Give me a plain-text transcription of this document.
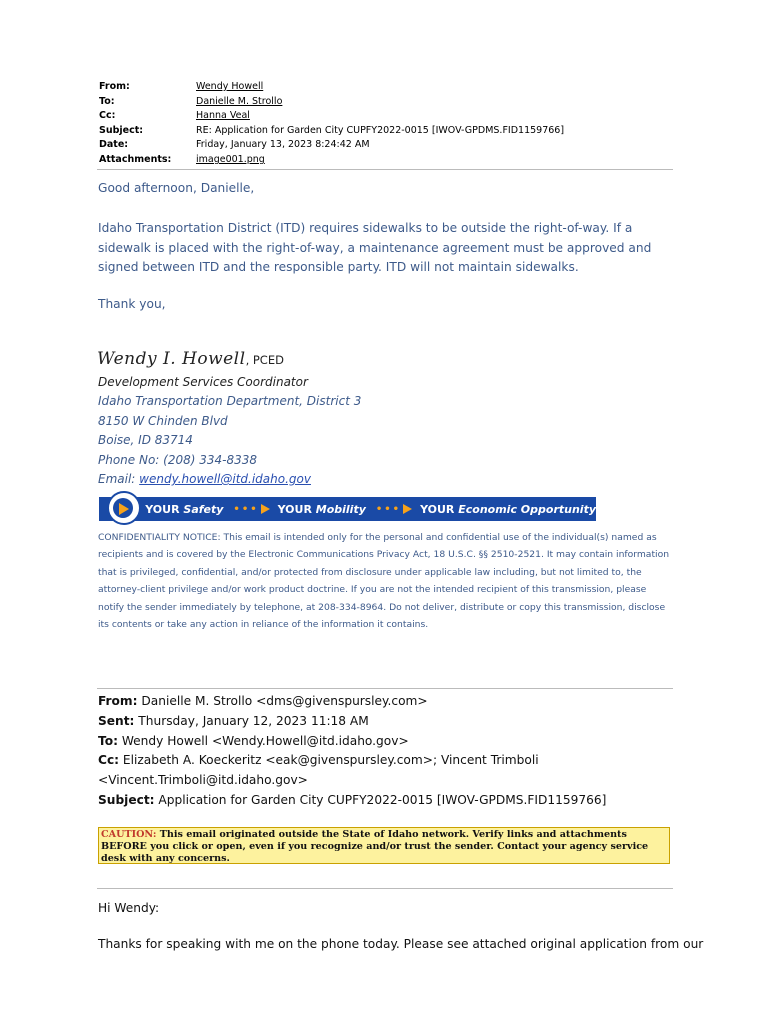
From:	Wendy Howell
To:	Danielle M. Strollo
Cc:	Hanna Veal
Subject:	RE: Application for Garden City CUPFY2022-0015 [IWOV-GPDMS.FID1159766]
Date:	Friday, January 13, 2023 8:24:42 AM
Attachments:	image001.png
Good afternoon, Danielle,
Idaho Transportation District (ITD) requires sidewalks to be outside the right-of-way. If a sidewalk is placed with the right-of-way, a maintenance agreement must be approved and signed between ITD and the responsible party. ITD will not maintain sidewalks.
Thank you,
Wendy I. Howell, PCED
Development Services Coordinator
Idaho Transportation Department, District 3
8150 W Chinden Blvd
Boise, ID 83714
Phone No: (208) 334-8338
Email: wendy.howell@itd.idaho.gov
YOUR Safety •••	YOUR Mobility •••	YOUR Economic Opportunity
CONFIDENTIALITY NOTICE: This email is intended only for the personal and confidential use of the individual(s) named as recipients and is covered by the Electronic Communications Privacy Act, 18 U.S.C. §§ 2510-2521. It may contain information that is privileged, confidential, and/or protected from disclosure under applicable law including, but not limited to, the attorney-client privilege and/or work product doctrine. If you are not the intended recipient of this transmission, please notify the sender immediately by telephone, at 208-334-8964. Do not deliver, distribute or copy this transmission, disclose its contents or take any action in reliance of the information it contains.
From: Danielle M. Strollo <dms@givenspursley.com>
Sent: Thursday, January 12, 2023 11:18 AM
To: Wendy Howell <Wendy.Howell@itd.idaho.gov>
Cc: Elizabeth A. Koeckeritz <eak@givenspursley.com>; Vincent Trimboli <Vincent.Trimboli@itd.idaho.gov>
Subject: Application for Garden City CUPFY2022-0015 [IWOV-GPDMS.FID1159766]
CAUTION: This email originated outside the State of Idaho network. Verify links and attachments BEFORE you click or open, even if you recognize and/or trust the sender. Contact your agency service desk with any concerns.
Hi Wendy:
Thanks for speaking with me on the phone today. Please see attached original application from our
